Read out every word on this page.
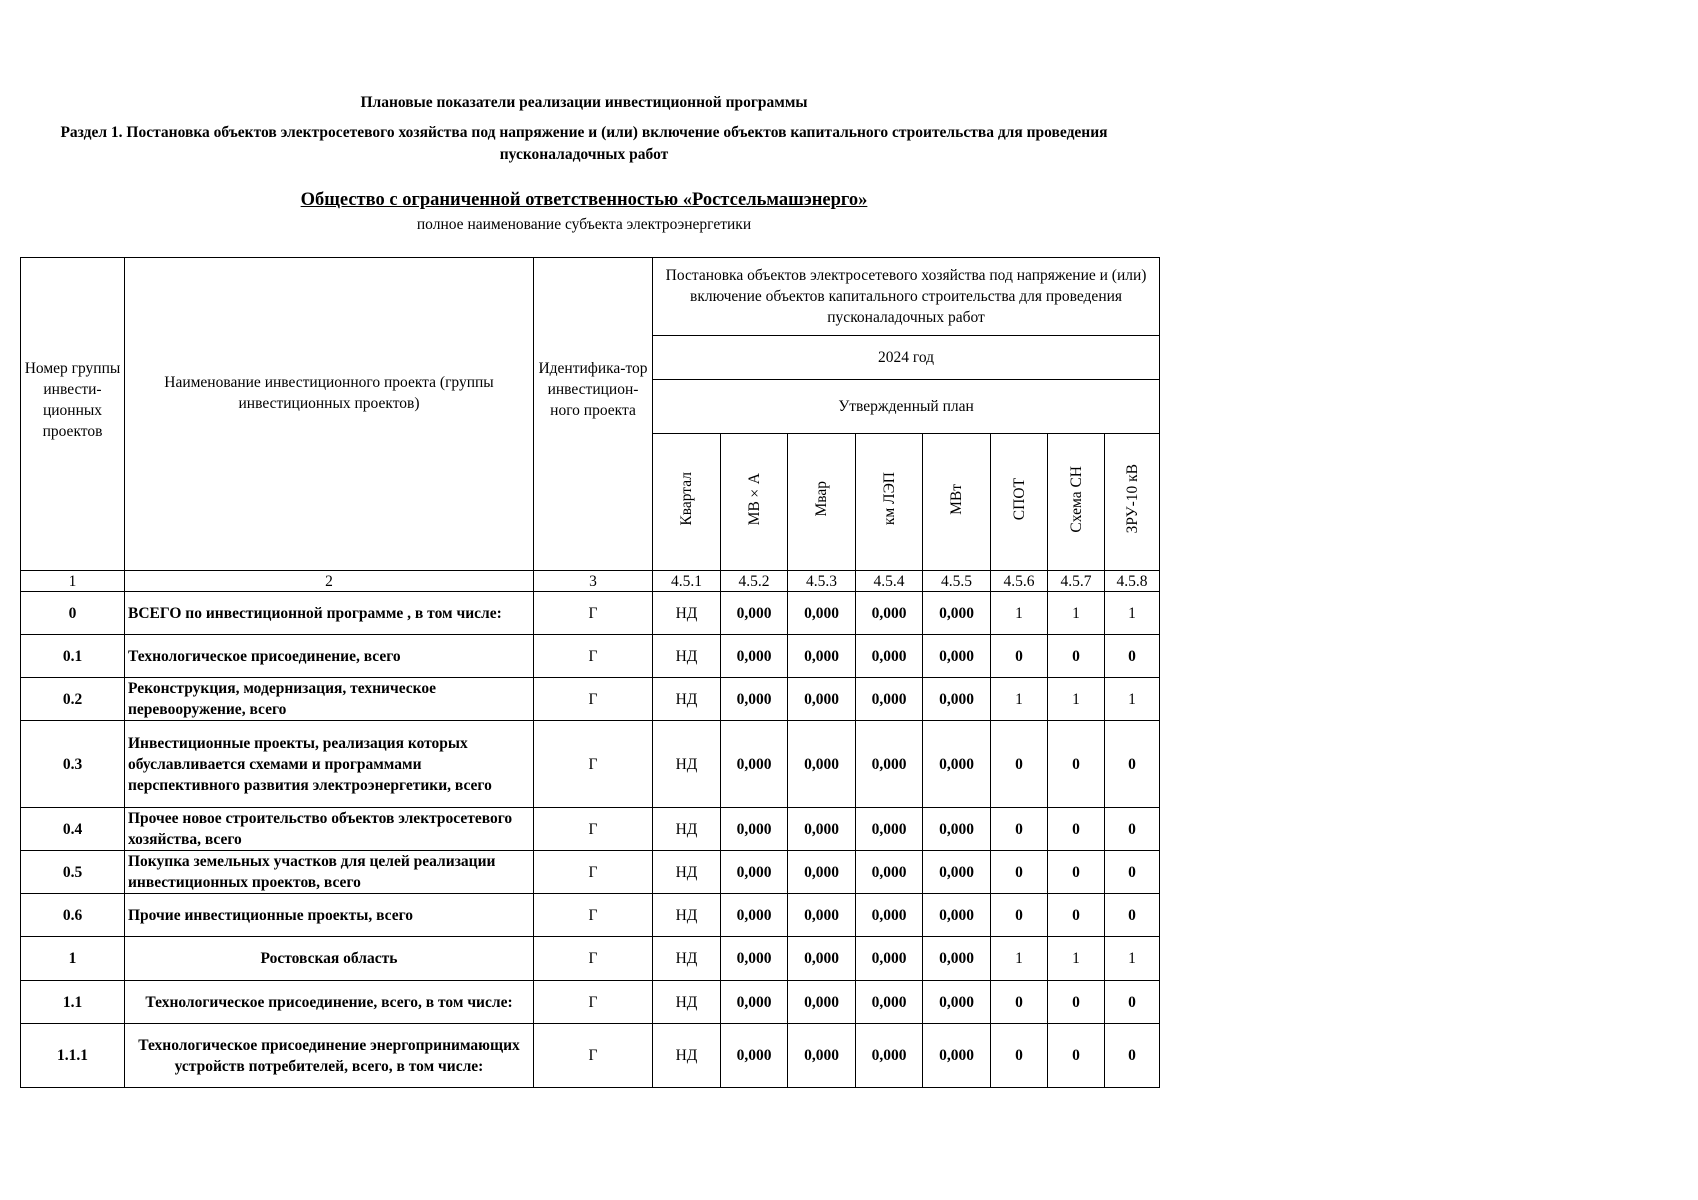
Плановые показатели реализации инвестиционной программы
Раздел 1. Постановка объектов электросетевого хозяйства под напряжение и (или) включение объектов капитального строительства для проведения пусконаладочных работ
Общество с ограниченной ответственностью «Ростсельмашэнерго»
полное наименование субъекта электроэнергетики
Номер группы инвести-ционных проектов	Наименование инвестиционного проекта (группы инвестиционных проектов)	Идентифика-тор инвестицион-ного проекта	Постановка объектов электросетевого хозяйства под напряжение и (или) включение объектов капитального строительства для проведения пусконаладочных работ							
			2024 год							
			Утвержденный план							
			Квартал	МВ×А	Мвар	км ЛЭП	МВт	СПОТ	Схема СН	ЗРУ-10 кВ
1	2	3	4.5.1	4.5.2	4.5.3	4.5.4	4.5.5	4.5.6	4.5.7	4.5.8
0	ВСЕГО по инвестиционной программе , в том числе:	Г	НД	0,000	0,000	0,000	0,000	1	1	1
0.1	Технологическое присоединение, всего	Г	НД	0,000	0,000	0,000	0,000	0	0	0
0.2	Реконструкция, модернизация, техническое перевооружение, всего	Г	НД	0,000	0,000	0,000	0,000	1	1	1
0.3	Инвестиционные проекты, реализация которых обуславливается схемами и программами перспективного развития электроэнергетики, всего	Г	НД	0,000	0,000	0,000	0,000	0	0	0
0.4	Прочее новое строительство объектов электросетевого хозяйства, всего	Г	НД	0,000	0,000	0,000	0,000	0	0	0
0.5	Покупка земельных участков для целей реализации инвестиционных проектов, всего	Г	НД	0,000	0,000	0,000	0,000	0	0	0
0.6	Прочие инвестиционные проекты, всего	Г	НД	0,000	0,000	0,000	0,000	0	0	0
1	Ростовская область	Г	НД	0,000	0,000	0,000	0,000	1	1	1
1.1	Технологическое присоединение, всего, в том числе:	Г	НД	0,000	0,000	0,000	0,000	0	0	0
1.1.1	Технологическое присоединение энергопринимающих устройств потребителей, всего, в том числе:	Г	НД	0,000	0,000	0,000	0,000	0	0	0
